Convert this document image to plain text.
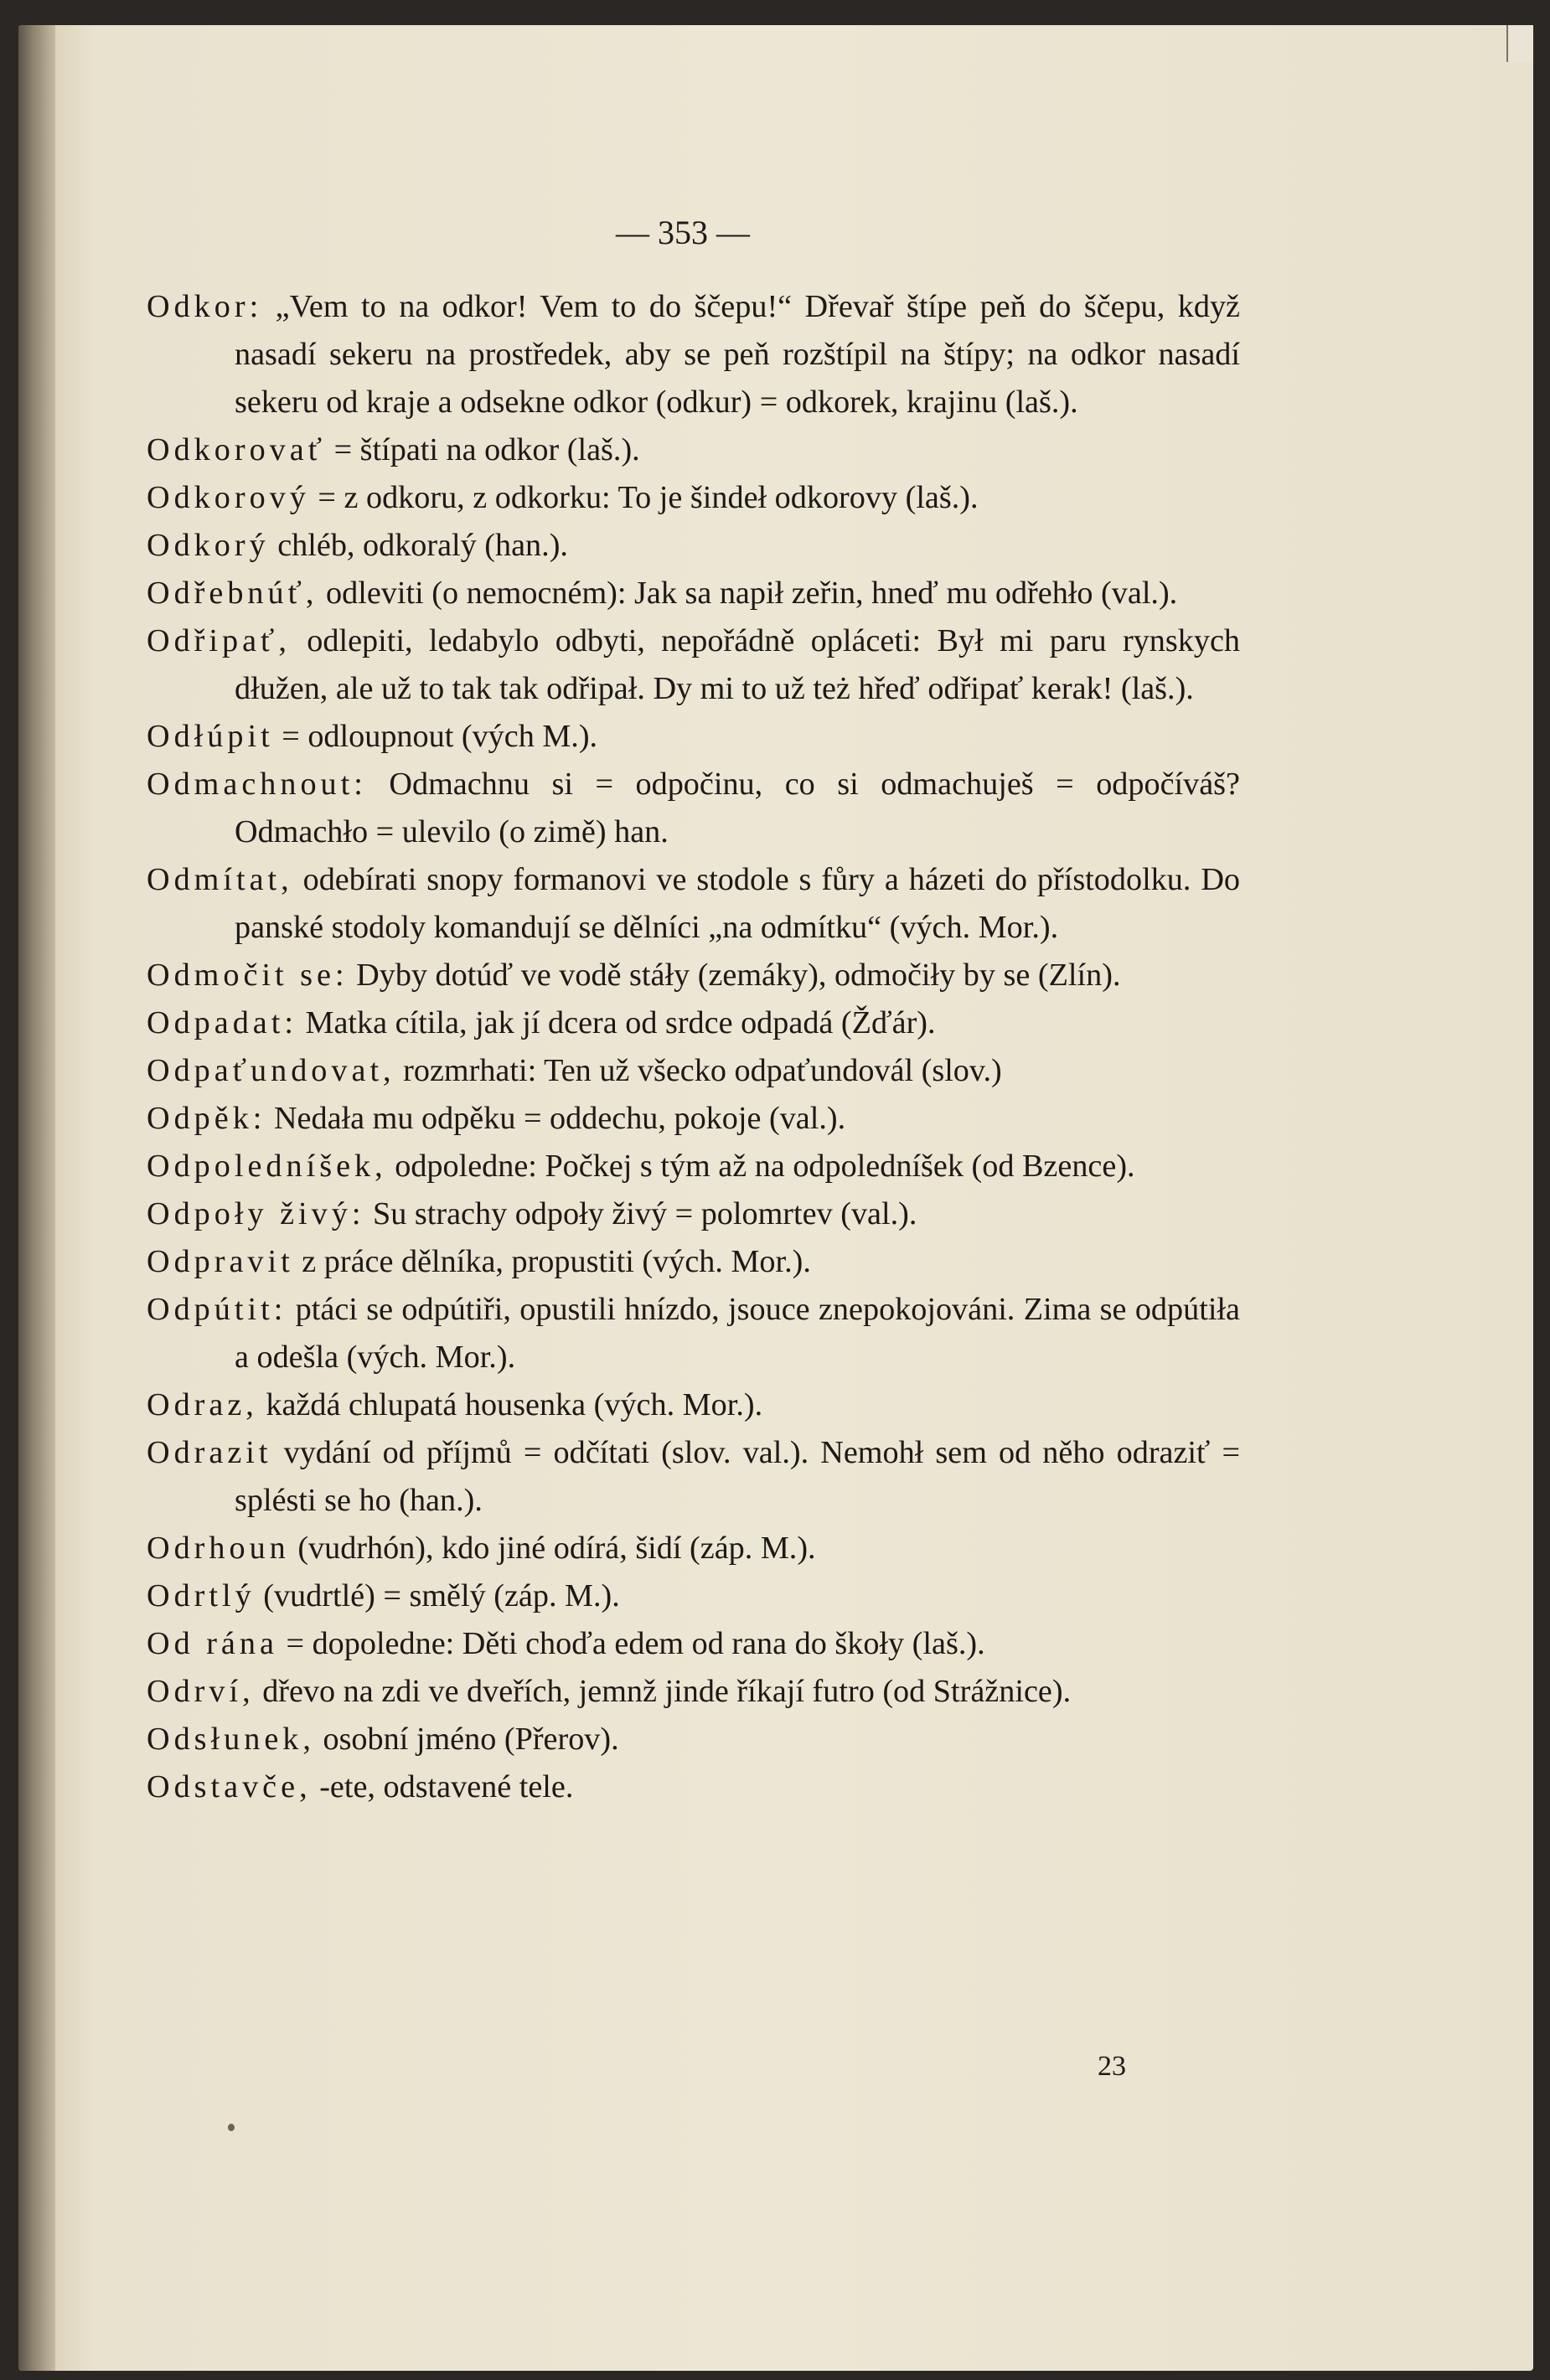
— 353 —

Odkor: „Vem to na odkor! Vem to do ščepu!“ Dřevař štípe peň do ščepu, když nasadí sekeru na prostředek, aby se peň rozštípil na štípy; na odkor nasadí sekeru od kraje a odsekne odkor (odkur) = odkorek, krajinu (laš.).

Odkorovať = štípati na odkor (laš.).

Odkorový = z odkoru, z odkorku: To je šindeł odkorovy (laš.).

Odkorý chléb, odkoralý (han.).

Odřebnúť, odleviti (o nemocném): Jak sa napił zeřin, hneď mu odřehło (val.).

Odřipať, odlepiti, ledabylo odbyti, nepořádně opláceti: Był mi paru rynskych dłužen, ale už to tak tak odřipał. Dy mi to už też hřeď odřipať kerak! (laš.).

Odłúpit = odloupnout (vých M.).

Odmachnout: Odmachnu si = odpočinu, co si odmachuješ = odpočíváš? Odmachło = ulevilo (o zimě) han.

Odmítat, odebírati snopy formanovi ve stodole s fůry a házeti do přístodolku. Do panské stodoly komandují se dělníci „na odmítku“ (vých. Mor.).

Odmočit se: Dyby dotúď ve vodě stáły (zemáky), odmočiły by se (Zlín).

Odpadat: Matka cítila, jak jí dcera od srdce odpadá (Žďár).

Odpaťundovat, rozmrhati: Ten už všecko odpaťundovál (slov.)

Odpěk: Nedała mu odpěku = oddechu, pokoje (val.).

Odpoledníšek, odpoledne: Počkej s tým až na odpoledníšek (od Bzence).

Odpoły živý: Su strachy odpoły živý = polomrtev (val.).

Odpravit z práce dělníka, propustiti (vých. Mor.).

Odpútit: ptáci se odpútiři, opustili hnízdo, jsouce znepokojováni. Zima se odpútiła a odešla (vých. Mor.).

Odraz, každá chlupatá housenka (vých. Mor.).

Odrazit vydání od příjmů = odčítati (slov. val.). Nemohł sem od něho odraziť = splésti se ho (han.).

Odrhoun (vudrhón), kdo jiné odírá, šidí (záp. M.).

Odrtlý (vudrtlé) = smělý (záp. M.).

Od rána = dopoledne: Děti choďa edem od rana do škoły (laš.).

Odrví, dřevo na zdi ve dveřích, jemnž jinde říkají futro (od Strážnice).

Odsłunek, osobní jméno (Přerov).

Odstavče, -ete, odstavené tele.

23
